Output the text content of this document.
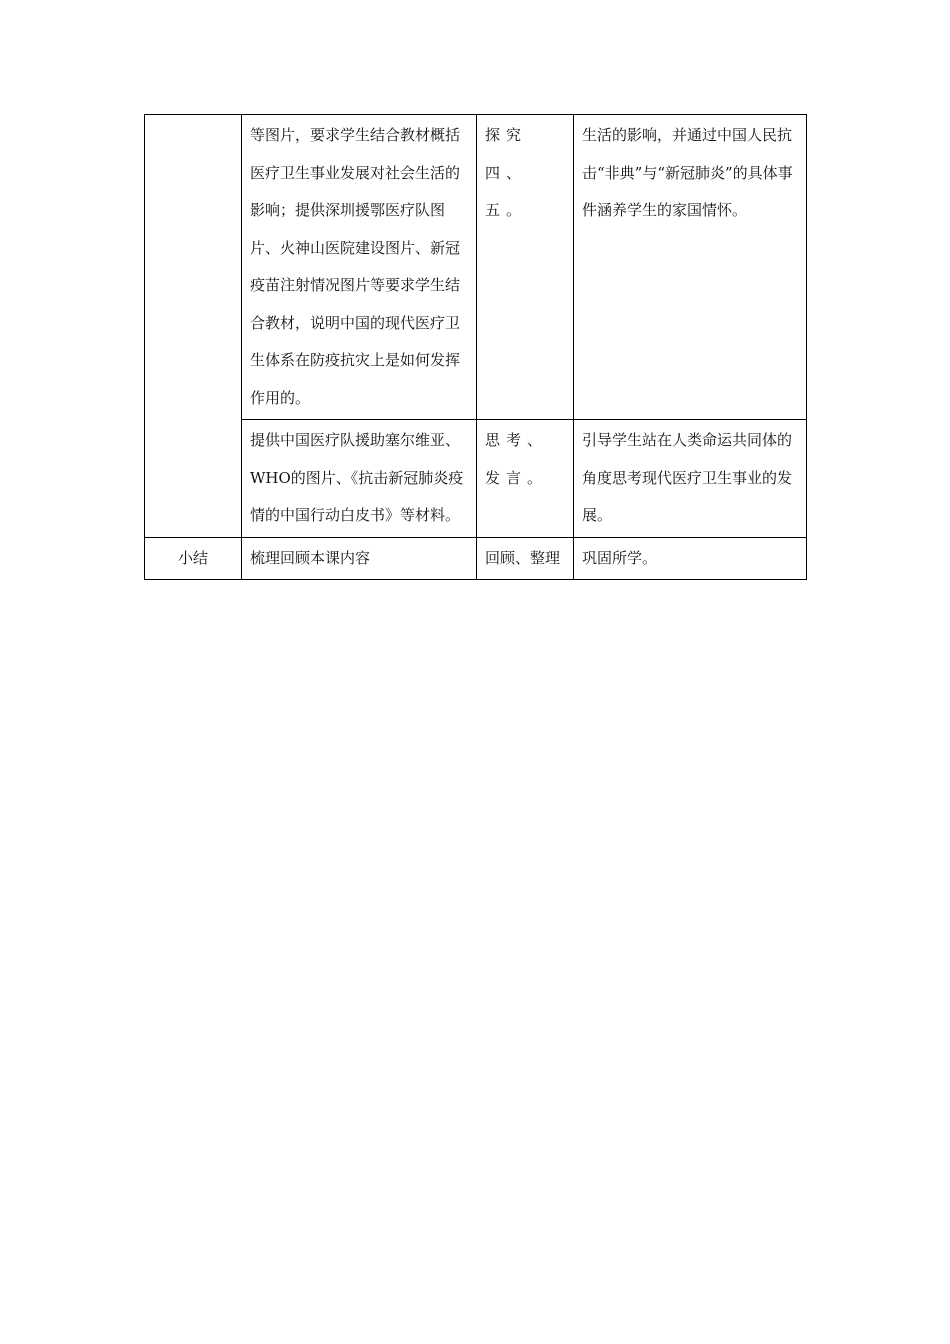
	等图片，要求学生结合教材概括医疗卫生事业发展对社会生活的影响；提供深圳援鄂医疗队图片、火神山医院建设图片、新冠疫苗注射情况图片等要求学生结合教材，说明中国的现代医疗卫生体系在防疫抗灾上是如何发挥作用的。	探究四、五。	生活的影响，并通过中国人民抗击“非典”与“新冠肺炎”的具体事件涵养学生的家国情怀。
	提供中国医疗队援助塞尔维亚、WHO的图片、《抗击新冠肺炎疫情的中国行动白皮书》等材料。	思考、发言。	引导学生站在人类命运共同体的角度思考现代医疗卫生事业的发展。
小结	梳理回顾本课内容	回顾、整理	巩固所学。
